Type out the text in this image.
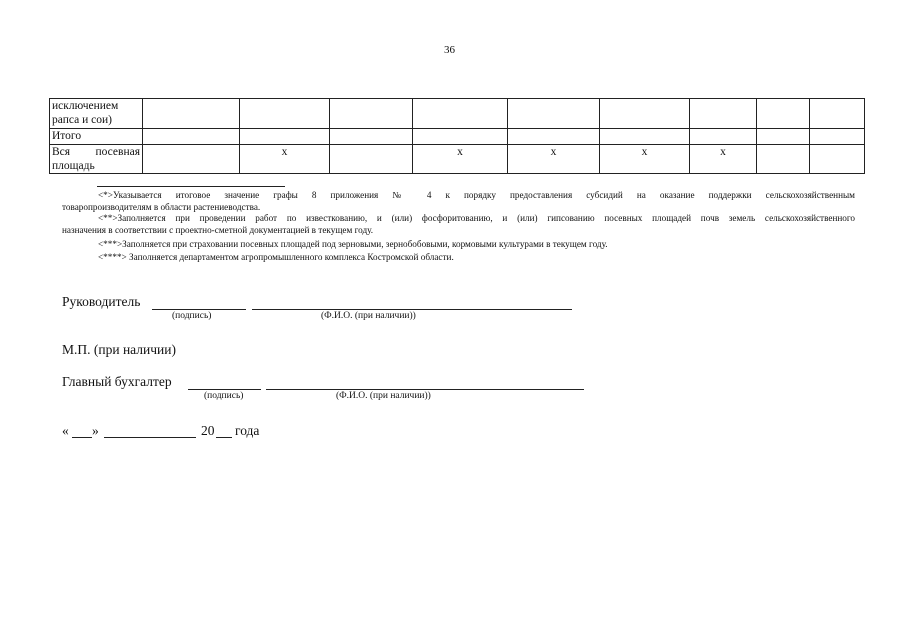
36
исключением
рапса и сои)									

Итого									

Вся посевная
площадь		x		x	x	x	x		

<*>Указывается итоговое значение графы 8 приложения № 4 к порядку предоставления субсидий на оказание поддержки сельскохозяйственным

товаропроизводителям в области растениеводства.

<**>Заполняется при проведении работ по известкованию, и (или) фосфоритованию, и (или) гипсованию посевных площадей почв земель сельскохозяйственного

назначения в соответствии с проектно-сметной документацией в текущем году.

<***>Заполняется при страховании посевных площадей под зерновыми, зернобобовыми, кормовыми культурами в текущем году.

<****> Заполняется департаментом агропромышленного комплекса Костромской области.

Руководитель
(подпись)	(Ф.И.О. (при наличии))
М.П. (при наличии)
Главный бухгалтер
(подпись)	(Ф.И.О. (при наличии))
« »	20 года
